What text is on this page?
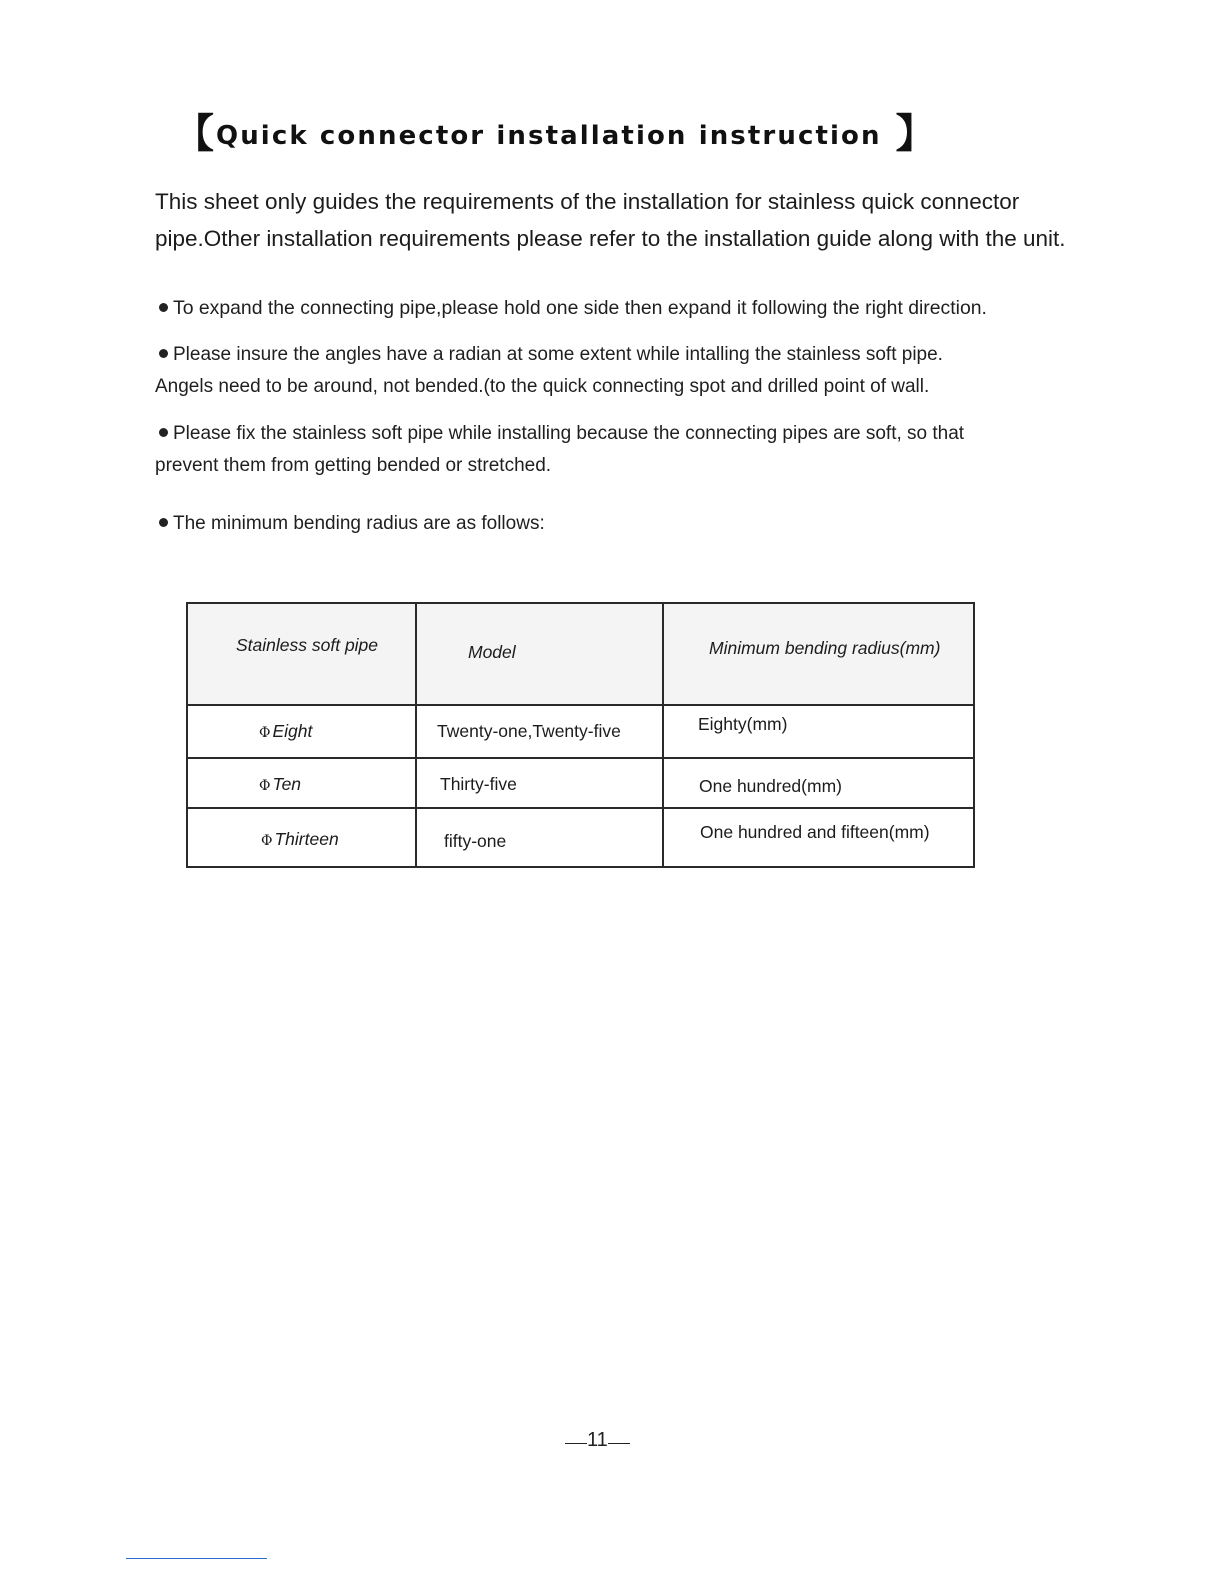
【 Quick connector installation instruction 】

This sheet only guides the requirements of the installation for stainless quick connector pipe.Other installation requirements please refer to the installation guide along with the unit.

To expand the connecting pipe,please hold one side then expand it following the right direction.

Please insure the angles have a radian at some extent while intalling the stainless soft pipe.
Angels need to be around, not bended.(to the quick connecting spot and drilled point of wall.
Please fix the stainless soft pipe while installing because the connecting pipes are soft, so that
prevent them from getting bended or stretched.

The minimum bending radius are as follows:

Stainless soft pipe	Model	Minimum bending radius(mm)
Φ Eight	Twenty-one,Twenty-five	Eighty(mm)
Φ Ten	Thirty-five	One hundred(mm)
Φ Thirteen	fifty-one	One hundred and fifteen(mm)
11
